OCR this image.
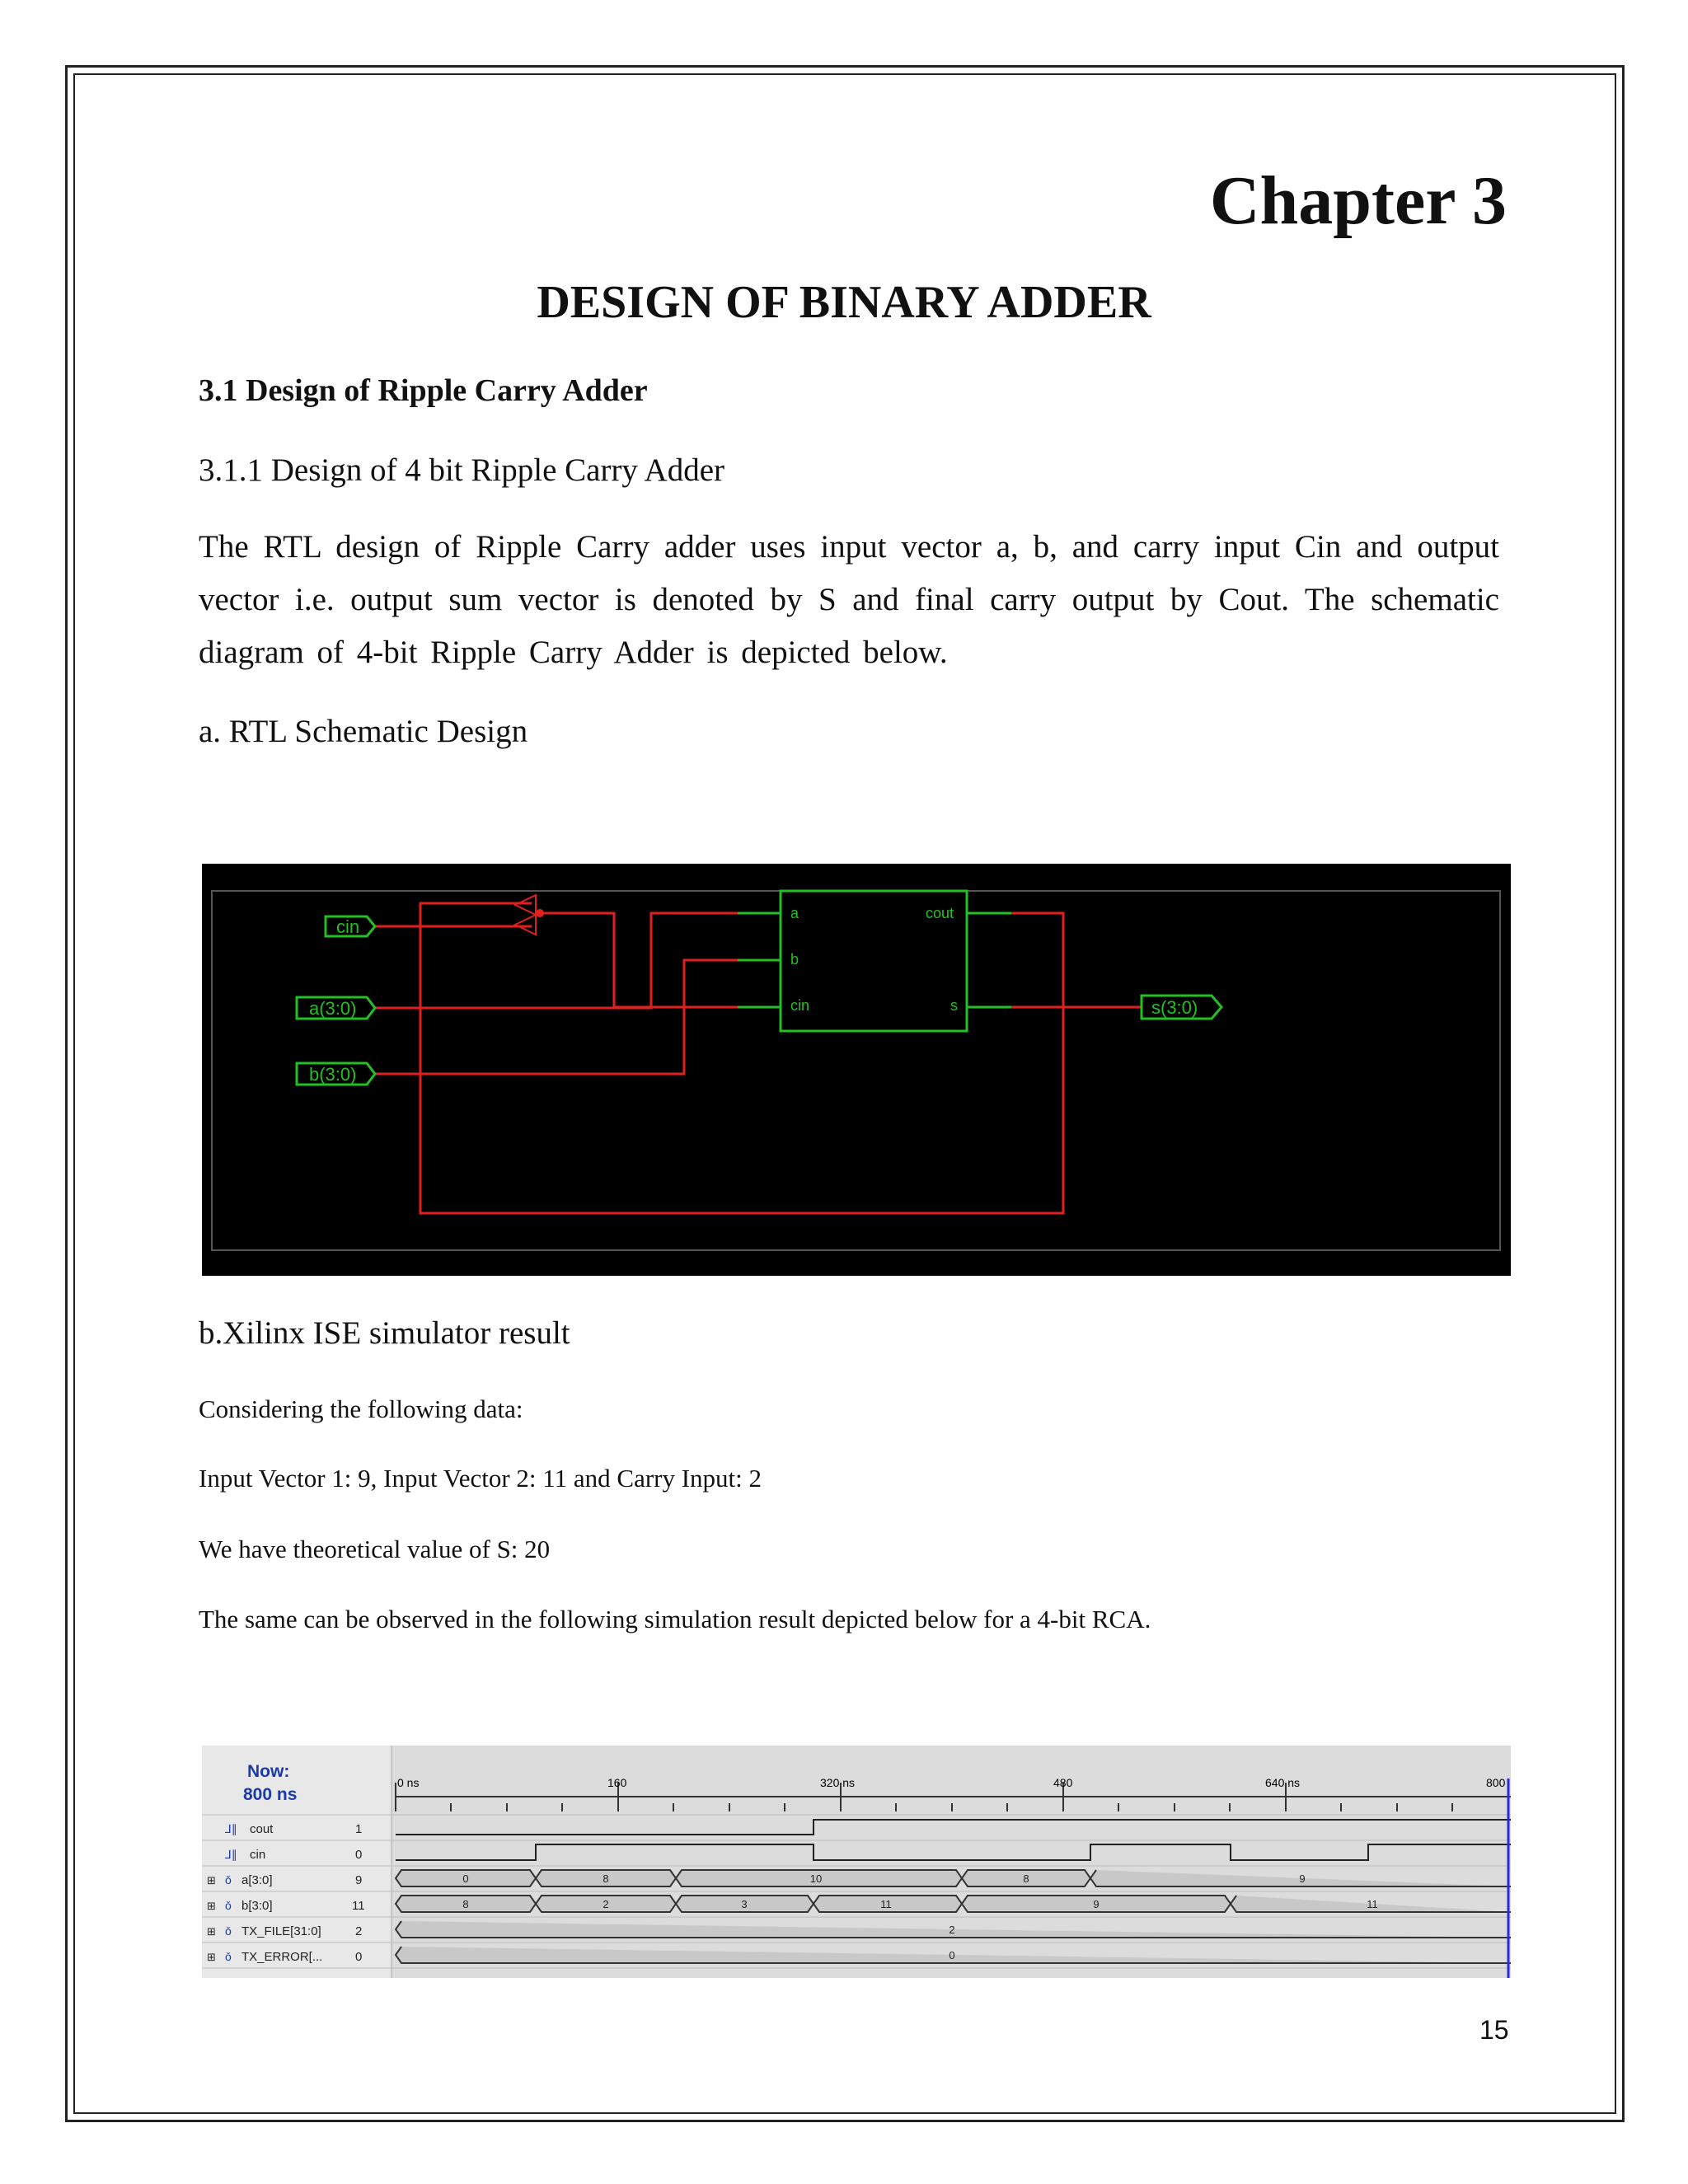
Chapter 3
DESIGN OF BINARY ADDER
3.1 Design of Ripple Carry Adder
3.1.1 Design of 4 bit Ripple Carry Adder
The RTL design of Ripple Carry adder uses input vector a, b, and carry input Cin and output vector i.e. output sum vector is denoted by S and final carry output by Cout. The schematic diagram of 4-bit Ripple Carry Adder is depicted below.
a. RTL Schematic Design
a
b
cin
cout
s
cin
a(3:0)
b(3:0)
s(3:0)
b.Xilinx ISE simulator result
Considering the following data:
Input Vector 1: 9, Input Vector 2: 11 and Carry Input: 2
We have theoretical value of S: 20
The same can be observed in the following simulation result depicted below for a 4-bit RCA.
Now:
800 ns
0 ns	160	320 ns	480	640 ns	800
⅃∥ cout	1
⅃∥ cin	0
⊞ ǒ a[3:0]	9
⊞ ǒ b[3:0]	11
⊞ ǒ TX_FILE[31:0]	2
⊞ ǒ TX_ERROR[...	0
0	8	10	8	9
8	2	3	11	9	11
2
0
15
